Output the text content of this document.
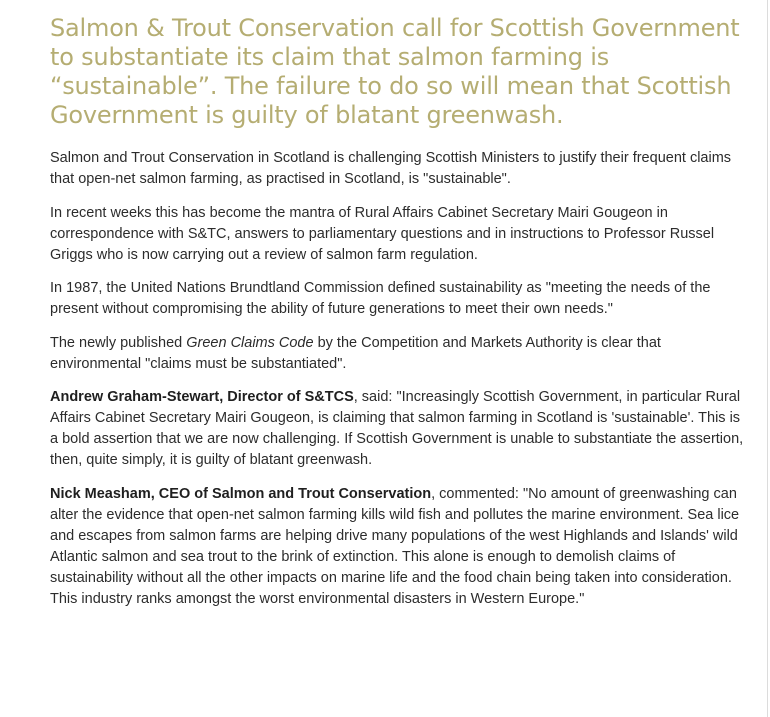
Salmon & Trout Conservation call for Scottish Government to substantiate its claim that salmon farming is “sustainable”. The failure to do so will mean that Scottish Government is guilty of blatant greenwash.

Salmon and Trout Conservation in Scotland is challenging Scottish Ministers to justify their frequent claims that open-net salmon farming, as practised in Scotland, is "sustainable".

In recent weeks this has become the mantra of Rural Affairs Cabinet Secretary Mairi Gougeon in correspondence with S&TC, answers to parliamentary questions and in instructions to Professor Russel Griggs who is now carrying out a review of salmon farm regulation.

In 1987, the United Nations Brundtland Commission defined sustainability as "meeting the needs of the present without compromising the ability of future generations to meet their own needs."

The newly published Green Claims Code by the Competition and Markets Authority is clear that environmental "claims must be substantiated".

Andrew Graham-Stewart, Director of S&TCS, said: "Increasingly Scottish Government, in particular Rural Affairs Cabinet Secretary Mairi Gougeon, is claiming that salmon farming in Scotland is 'sustainable'. This is a bold assertion that we are now challenging. If Scottish Government is unable to substantiate the assertion, then, quite simply, it is guilty of blatant greenwash.

Nick Measham, CEO of Salmon and Trout Conservation, commented: "No amount of greenwashing can alter the evidence that open-net salmon farming kills wild fish and pollutes the marine environment. Sea lice and escapes from salmon farms are helping drive many populations of the west Highlands and Islands' wild Atlantic salmon and sea trout to the brink of extinction. This alone is enough to demolish claims of sustainability without all the other impacts on marine life and the food chain being taken into consideration. This industry ranks amongst the worst environmental disasters in Western Europe."
